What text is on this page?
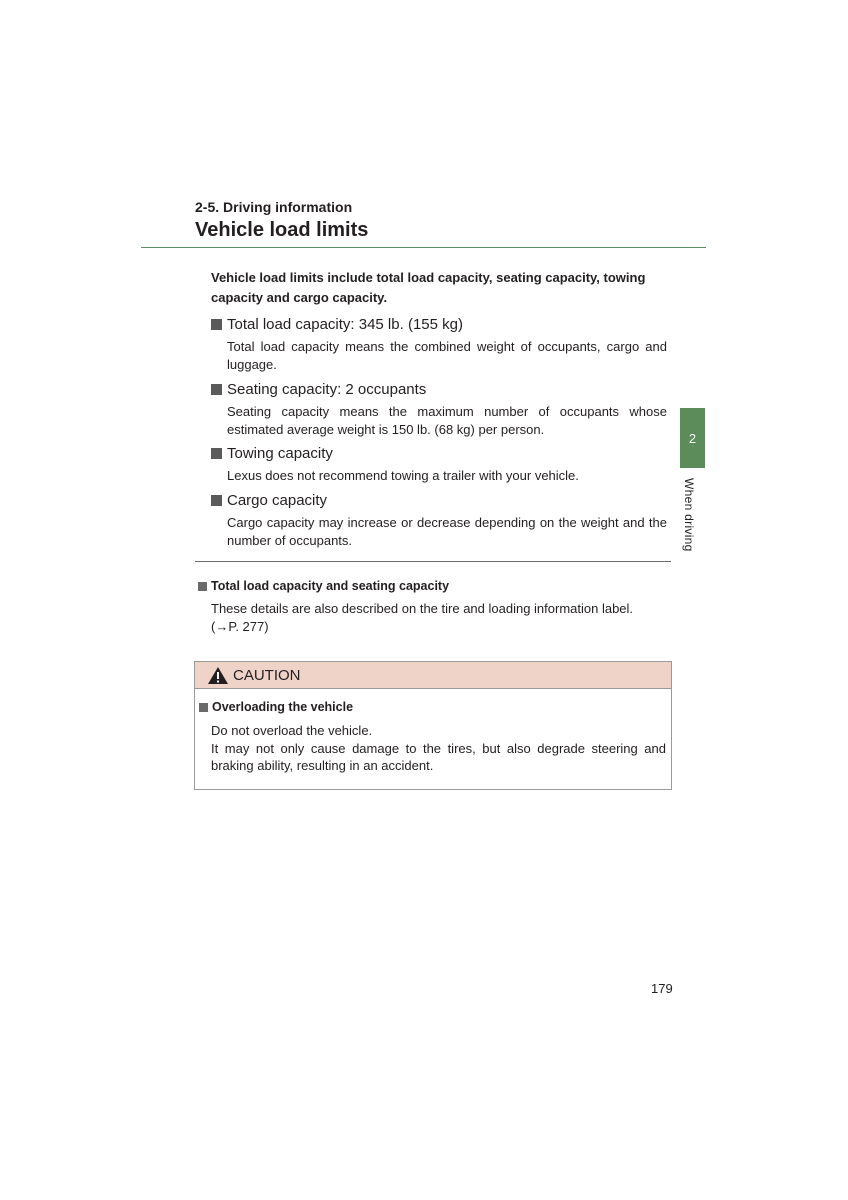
2-5. Driving information
Vehicle load limits
Vehicle load limits include total load capacity, seating capacity, towing capacity and cargo capacity.
Total load capacity: 345 lb. (155 kg)
Total load capacity means the combined weight of occupants, cargo and luggage.
Seating capacity: 2 occupants
Seating capacity means the maximum number of occupants whose estimated average weight is 150 lb. (68 kg) per person.
Towing capacity
Lexus does not recommend towing a trailer with your vehicle.
Cargo capacity
Cargo capacity may increase or decrease depending on the weight and the number of occupants.
Total load capacity and seating capacity
These details are also described on the tire and loading information label.
(→P. 277)
CAUTION
Overloading the vehicle
Do not overload the vehicle.
It may not only cause damage to the tires, but also degrade steering and braking ability, resulting in an accident.
2
When driving
179
